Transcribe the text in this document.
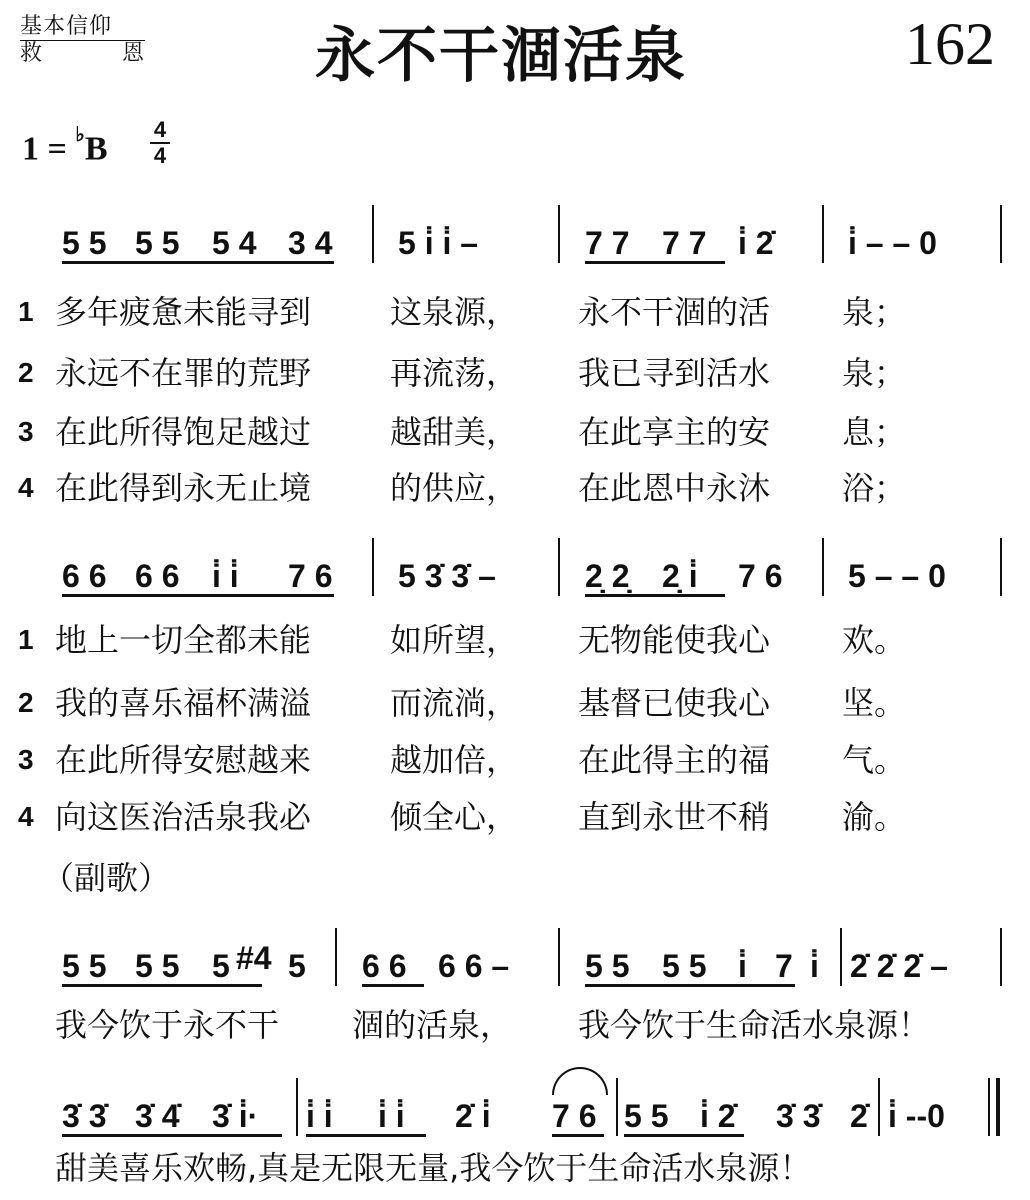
基本信仰
救	恩	永不干涸活泉	162
1 = ♭B
4
4
5 5 5 5 5 4 3 4 5 i̇ i̇ –	7 7 7 7 i̇ 2̇ i̇ – – 0
1 多年疲惫未能寻到 这泉源， 永不干涸的活 泉；
2 永远不在罪的荒野 再流荡， 我已寻到活水 泉；
3 在此所得饱足越过 越甜美， 在此享主的安 息；
4 在此得到永无止境 的供应， 在此恩中永沐 浴；
6 6 6 6 i̇ i̇ 7 6 5 3̇ 3̇ –	2̣ 2̣ 2̣ i̇ 7 6 5 – – 0
1 地上一切全都未能 如所望， 无物能使我心 欢。
2 我的喜乐福杯满溢 而流淌， 基督已使我心 坚。
3 在此所得安慰越来 越加倍， 在此得主的福 气。
4 向这医治活泉我必 倾全心， 直到永世不稍 渝。
（副歌）
5 5 5 5 5 #4 5 6 6 6 6 – 5 5 5 5 i̇ 7 i̇ 2̇ 2̇ 2̇ –
我今饮于永不干 涸的活泉， 我今饮于生命活水泉源！
3̇ 3̇ 3̇ 4̇ 3̇ i̇· i̇ i̇ i̇ i̇ 2̇ i̇ 7 6 5 5 i̇ 2̇ 3̇ 3̇ 2̇ i̇ --0
甜美喜乐欢畅,真是无限无量,我今饮于生命活水泉源！
